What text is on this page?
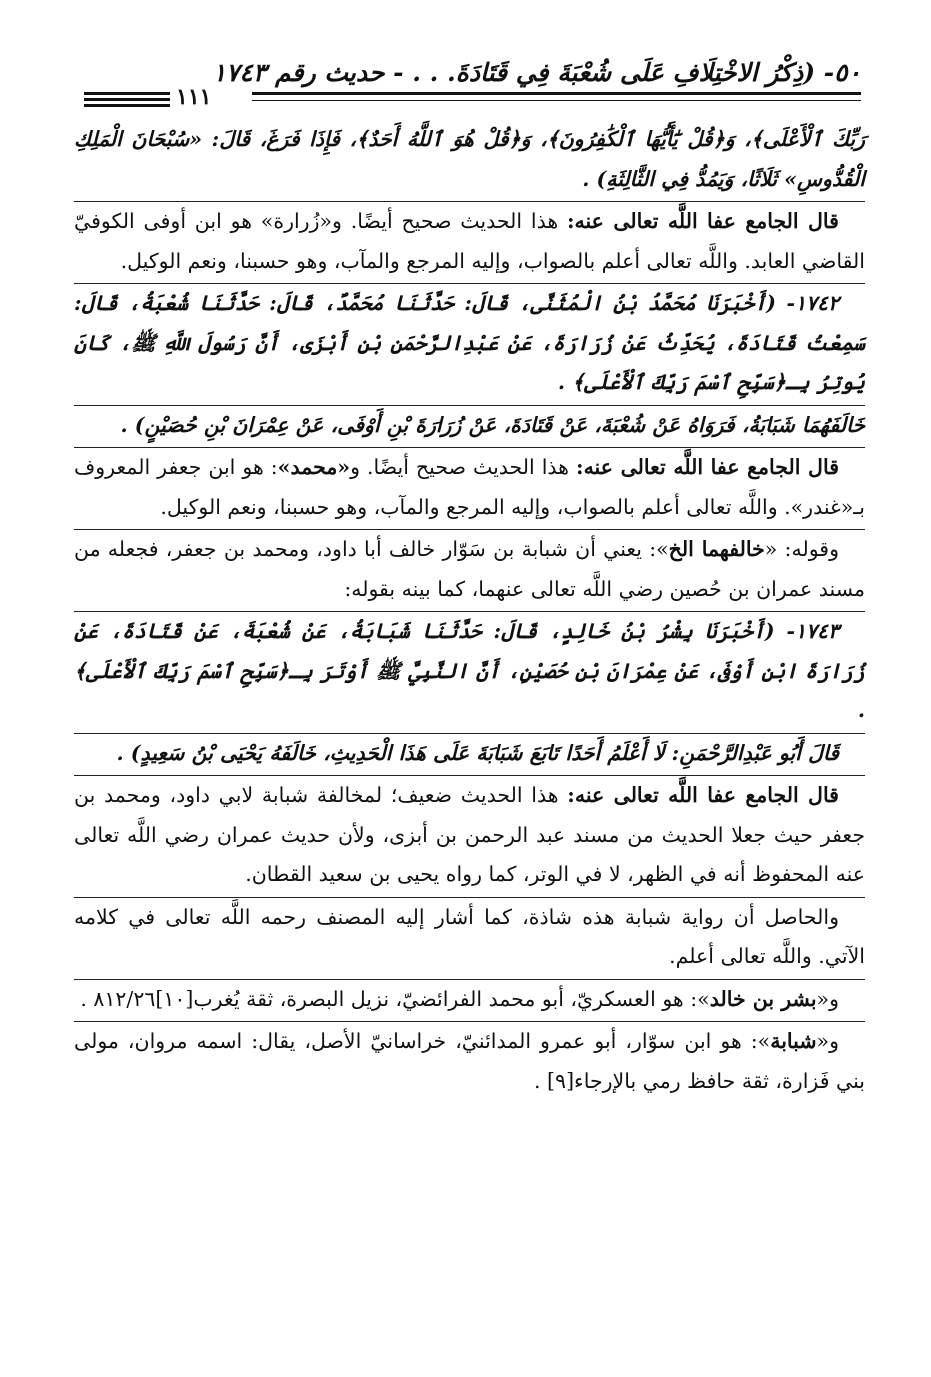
٥٠- (ذِكْرُ الاخْتِلَافِ عَلَى شُعْبَةَ فِي قَتَادَةَ. . . - حديث رقم ١٧٤٣
١١١

رَبِّكَ ٱلْأَعْلَى﴾، وَ﴿قُلْ يَٰٓأَيُّهَا ٱلْكَٰفِرُونَ﴾، وَ﴿قُلْ هُوَ ٱللَّهُ أَحَدٌ﴾، فَإِذَا فَرَغَ، قَالَ: «سُبْحَانَ الْمَلِكِ الْقُدُّوسِ» ثَلَاثًا، وَيَمُدُّ فِي الثَّالِثَةِ) .

قال الجامع عفا اللَّه تعالى عنه: هذا الحديث صحيح أيضًا. و«زُرارة» هو ابن أوفى الكوفيّ القاضي العابد. واللَّه تعالى أعلم بالصواب، وإليه المرجع والمآب، وهو حسبنا، ونعم الوكيل.

١٧٤٢- (أَخْبَرَنَا مُحَمَّدُ بْنُ الْمُثَنَّى، قَالَ: حَدَّثَنَا مُحَمَّدٌ، قَالَ: حَدَّثَنَا شُعْبَةُ، قَالَ: سَمِعْتُ قَتَادَةَ، يُحَدِّثُ عَنْ زُرَارَةَ، عَنْ عَبْدِالرَّحْمَنِ بْنِ أَبْزَى، أَنَّ رَسُولَ اللَّهِ ﷺ، كَانَ يُوتِرُ بِـ﴿سَبِّحِ ٱسْمَ رَبِّكَ ٱلْأَعْلَى﴾ .

خَالَفَهُمَا شَبَابَةُ، فَرَوَاهُ عَنْ شُعْبَةَ، عَنْ قَتَادَةَ، عَنْ زُرَارَةَ بْنِ أَوْفَى، عَنْ عِمْرَانَ بْنِ حُصَيْنٍ) .

قال الجامع عفا اللَّه تعالى عنه: هذا الحديث صحيح أيضًا. و«محمد»: هو ابن جعفر المعروف بـ«غندر». واللَّه تعالى أعلم بالصواب، وإليه المرجع والمآب، وهو حسبنا، ونعم الوكيل.

وقوله: «خالفهما الخ»: يعني أن شبابة بن سَوّار خالف أبا داود، ومحمد بن جعفر، فجعله من مسند عمران بن حُصين رضي اللَّه تعالى عنهما، كما بينه بقوله:

١٧٤٣- (أَخْبَرَنَا بِشْرُ بْنُ خَالِدٍ، قَالَ: حَدَّثَنَا شَبَابَةُ، عَنْ شُعْبَةَ، عَنْ قَتَادَةَ، عَنْ زُرَارَةَ ابْنِ أَوْفَى، عَنْ عِمْرَانَ بْنِ حُصَيْنٍ، أَنَّ النَّبِيَّ ﷺ أَوْتَرَ بِـ﴿سَبِّحِ ٱسْمَ رَبِّكَ ٱلْأَعْلَى﴾ .

قَالَ أَبُو عَبْدِالرَّحْمَنِ: لَا أَعْلَمُ أَحَدًا تَابَعَ شَبَابَةَ عَلَى هَذَا الْحَدِيثِ، خَالَفَهُ يَحْيَى بْنُ سَعِيدٍ) .

قال الجامع عفا اللَّه تعالى عنه: هذا الحديث ضعيف؛ لمخالفة شبابة لابي داود، ومحمد بن جعفر حيث جعلا الحديث من مسند عبد الرحمن بن أبزى، ولأن حديث عمران رضي اللَّه تعالى عنه المحفوظ أنه في الظهر، لا في الوتر، كما رواه يحيى بن سعيد القطان.

والحاصل أن رواية شبابة هذه شاذة، كما أشار إليه المصنف رحمه اللَّه تعالى في كلامه الآتي. واللَّه تعالى أعلم.

و«بشر بن خالد»: هو العسكريّ، أبو محمد الفرائضيّ، نزيل البصرة، ثقة يُغرب[١٠]٨١٢/٢٦ .

و«شبابة»: هو ابن سوّار، أبو عمرو المدائنيّ، خراسانيّ الأصل، يقال: اسمه مروان، مولى بني فَزارة، ثقة حافظ رمي بالإرجاء[٩] .
